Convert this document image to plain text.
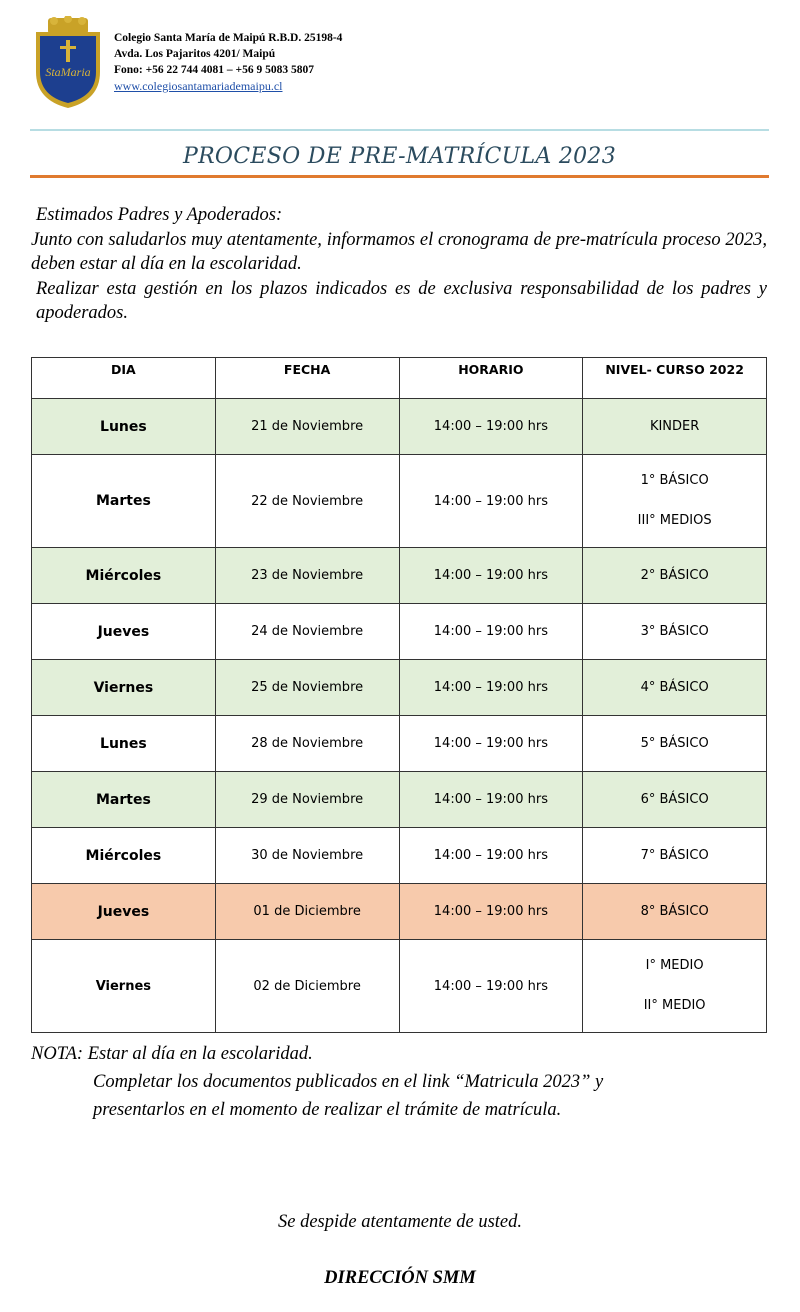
StaMaria
Colegio Santa María de Maipú R.B.D. 25198-4
Avda. Los Pajaritos 4201/ Maipú
Fono: +56 22 744 4081 – +56 9 5083 5807
www.colegiosantamariademaipu.cl
PROCESO DE PRE-MATRÍCULA 2023

Estimados Padres y Apoderados:

Junto con saludarlos muy atentamente, informamos el cronograma de pre-matrícula proceso 2023, deben estar al día en la escolaridad.

Realizar esta gestión en los plazos indicados es de exclusiva responsabilidad de los padres y apoderados.

DIA	FECHA	HORARIO	NIVEL- CURSO 2022
Lunes	21 de Noviembre	14:00 – 19:00 hrs	KINDER

Martes	22 de Noviembre	14:00 – 19:00 hrs	1° BÁSICO
III° MEDIOS

Miércoles	23 de Noviembre	14:00 – 19:00 hrs	2° BÁSICO

Jueves	24 de Noviembre	14:00 – 19:00 hrs	3° BÁSICO

Viernes	25 de Noviembre	14:00 – 19:00 hrs	4° BÁSICO

Lunes	28 de Noviembre	14:00 – 19:00 hrs	5° BÁSICO

Martes	29 de Noviembre	14:00 – 19:00 hrs	6° BÁSICO

Miércoles	30 de Noviembre	14:00 – 19:00 hrs	7° BÁSICO

Jueves	01 de Diciembre	14:00 – 19:00 hrs	8° BÁSICO

Viernes	02 de Diciembre	14:00 – 19:00 hrs	I° MEDIO
II° MEDIO

NOTA: Estar al día en la escolaridad.

Completar los documentos publicados en el link “Matricula 2023” y

presentarlos en el momento de realizar el trámite de matrícula.

Se despide atentamente de usted.
DIRECCIÓN SMM
